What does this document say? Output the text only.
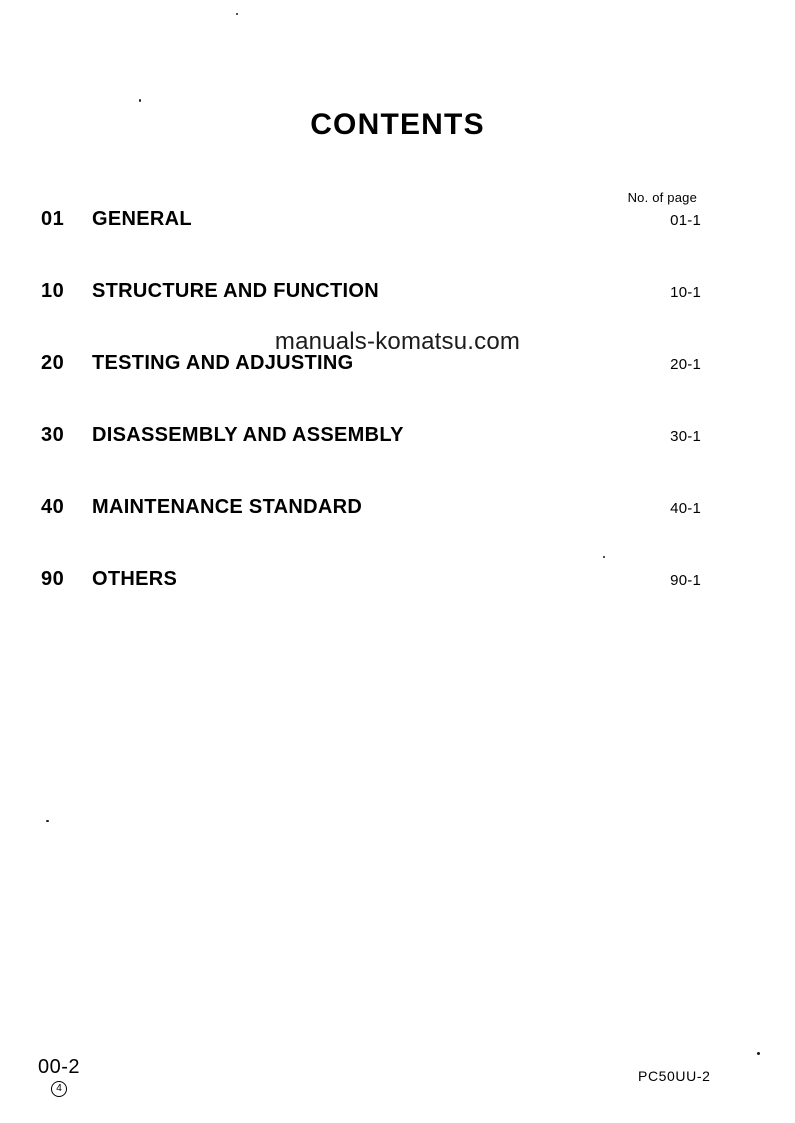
CONTENTS
No. of page
01	GENERAL .....	01-1
10	STRUCTURE AND FUNCTION .....	10-1
20	TESTING AND ADJUSTING .....	20-1
30	DISASSEMBLY AND ASSEMBLY .....	30-1
40	MAINTENANCE STANDARD .....	40-1
90	OTHERS .....	90-1
manuals-komatsu.com
00-2
4
PC50UU-2
